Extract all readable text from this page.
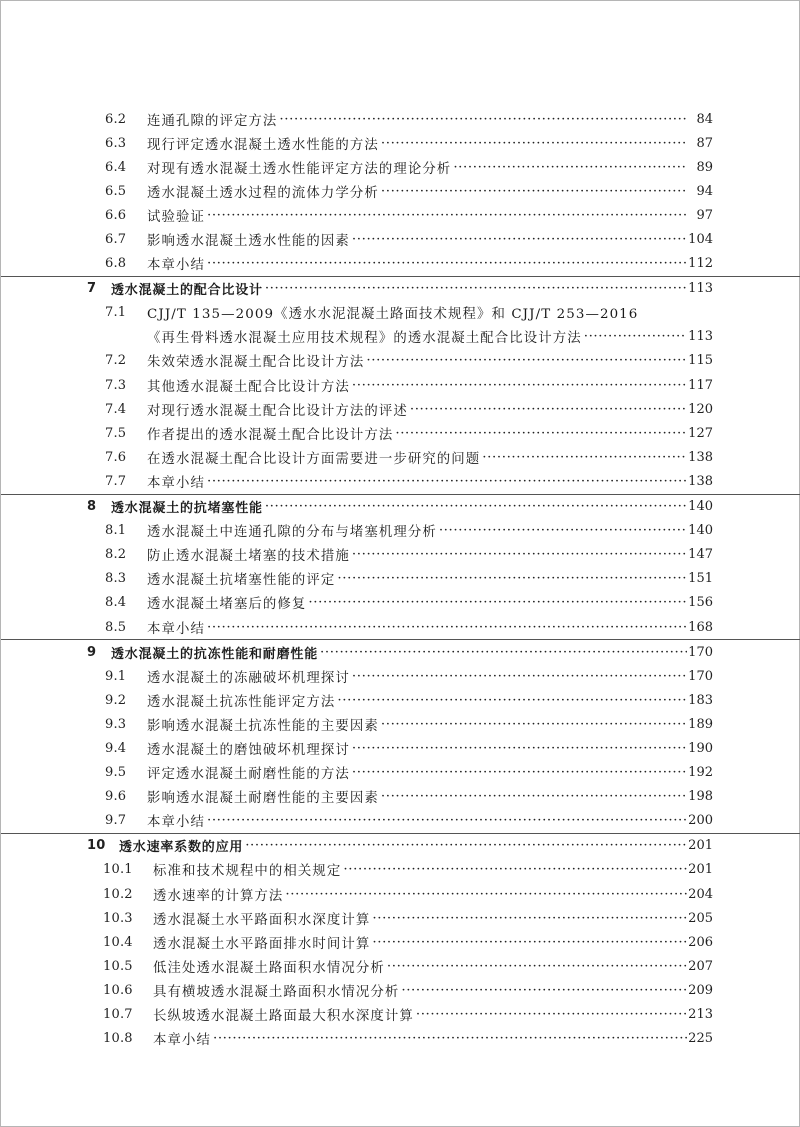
6.2 连通孔隙的评定方法 ·····	84
6.3 现行评定透水混凝土透水性能的方法 ·····	87
6.4 对现有透水混凝土透水性能评定方法的理论分析 ·····	89
6.5 透水混凝土透水过程的流体力学分析 ·····	94
6.6 试验验证 ·····	97
6.7 影响透水混凝土透水性能的因素 ·····	104
6.8 本章小结 ·····	112
7 透水混凝土的配合比设计 ·····	113
7.1 CJJ/T 135—2009《透水水泥混凝土路面技术规程》和 CJJ/T 253—2016
《再生骨料透水混凝土应用技术规程》的透水混凝土配合比设计方法 ·····	113
7.2 朱效荣透水混凝土配合比设计方法 ·····	115
7.3 其他透水混凝土配合比设计方法 ·····	117
7.4 对现行透水混凝土配合比设计方法的评述 ·····	120
7.5 作者提出的透水混凝土配合比设计方法 ·····	127
7.6 在透水混凝土配合比设计方面需要进一步研究的问题 ·····	138
7.7 本章小结 ·····	138
8 透水混凝土的抗堵塞性能 ·····	140
8.1 透水混凝土中连通孔隙的分布与堵塞机理分析 ·····	140
8.2 防止透水混凝土堵塞的技术措施 ·····	147
8.3 透水混凝土抗堵塞性能的评定 ·····	151
8.4 透水混凝土堵塞后的修复 ·····	156
8.5 本章小结 ·····	168
9 透水混凝土的抗冻性能和耐磨性能 ·····	170
9.1 透水混凝土的冻融破坏机理探讨 ·····	170
9.2 透水混凝土抗冻性能评定方法 ·····	183
9.3 影响透水混凝土抗冻性能的主要因素 ·····	189
9.4 透水混凝土的磨蚀破坏机理探讨 ·····	190
9.5 评定透水混凝土耐磨性能的方法 ·····	192
9.6 影响透水混凝土耐磨性能的主要因素 ·····	198
9.7 本章小结 ·····	200
10 透水速率系数的应用 ·····	201
10.1 标准和技术规程中的相关规定 ·····	201
10.2 透水速率的计算方法 ·····	204
10.3 透水混凝土水平路面积水深度计算 ·····	205
10.4 透水混凝土水平路面排水时间计算 ·····	206
10.5 低洼处透水混凝土路面积水情况分析 ·····	207
10.6 具有横坡透水混凝土路面积水情况分析 ·····	209
10.7 长纵坡透水混凝土路面最大积水深度计算 ·····	213
10.8 本章小结 ·····	225
